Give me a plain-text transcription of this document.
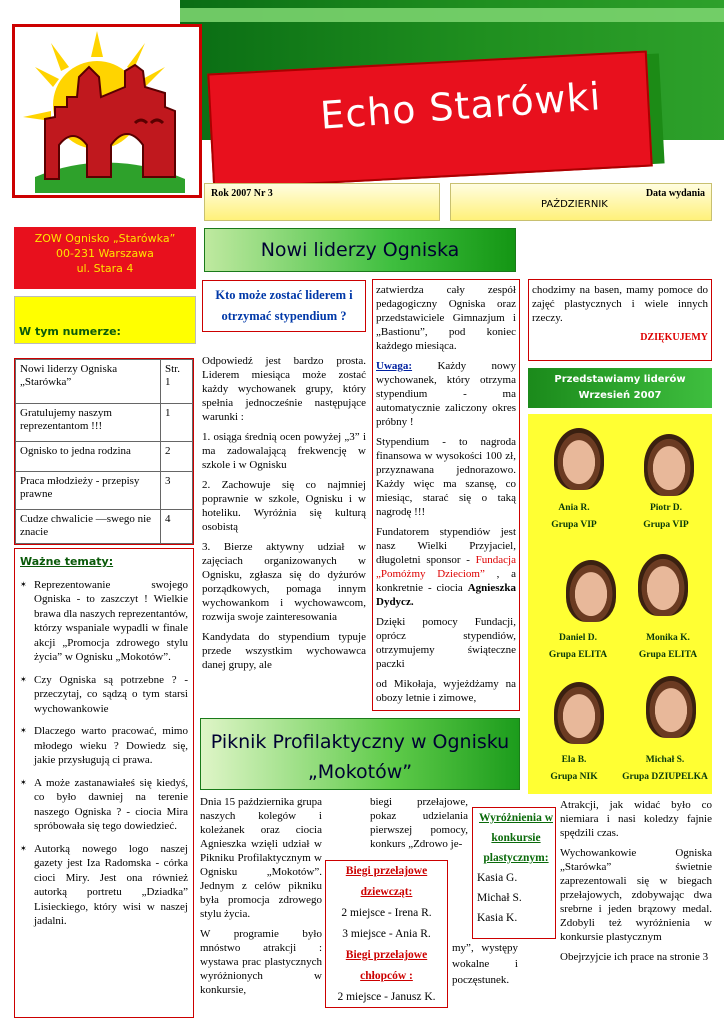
Echo Starówki
Rok 2007 Nr 3	Data wydania
PAŹDZIERNIK
ZOW Ognisko „Starówka”
00-231 Warszawa
ul. Stara 4
W tym numerze:
Nowi liderzy Ogniska „Starówka”	Str. 1
Gratulujemy naszym reprezentantom !!!	1
Ognisko to jedna rodzina	2
Praca młodzieży - przepisy prawne	3
Cudze chwalicie —swego nie znacie	4
Ważne tematy:
✶ Reprezentowanie swojego Ogniska - to zaszczyt ! Wielkie brawa dla naszych reprezentantów, którzy wspaniale wypadli w finale akcji „Promocja zdrowego stylu życia” w Ognisku „Mokotów”.
✶ Czy Ogniska są potrzebne ? - przeczytaj, co sądzą o tym starsi wychowankowie
✶ Dlaczego warto pracować, mimo młodego wieku ? Dowiedz się, jakie przysługują ci prawa.
✶ A może zastanawiałeś się kiedyś, co było dawniej na terenie naszego Ogniska ? - ciocia Mira spróbowała się tego dowiedzieć.
✶ Autorką nowego logo naszej gazety jest Iza Radomska - córka cioci Miry. Jest ona również autorką portretu „Dziadka” Lisieckiego, który wisi w naszej jadalni.
Nowi liderzy Ogniska
Kto może zostać liderem i otrzymać stypendium ?

Odpowiedź jest bardzo prosta. Liderem miesiąca może zostać każdy wychowanek grupy, który spełnia jednocześnie następujące warunki :

1. osiąga średnią ocen powyżej „3” i ma zadowalającą frekwencję w szkole i w Ognisku

2. Zachowuje się co najmniej poprawnie w szkole, Ognisku i w hoteliku. Wyróżnia się kulturą osobistą

3. Bierze aktywny udział w zajęciach organizowanych w Ognisku, zgłasza się do dyżurów porządkowych, pomaga innym wychowankom i wychowawcom, rozwija swoje zainteresowania

Kandydata do stypendium typuje przede wszystkim wychowawca danej grupy, ale

zatwierdza cały zespół pedagogiczny Ogniska oraz przedstawiciele Gimnazjum i „Bastionu”, pod koniec każdego miesiąca.

Uwaga: Każdy nowy wychowanek, który otrzyma stypendium - ma automatycznie zaliczony okres próbny !

Stypendium - to nagroda finansowa w wysokości 100 zł, przyznawana jednorazowo. Każdy więc ma szansę, co miesiąc, starać się o taką nagrodę !!!

Fundatorem stypendiów jest nasz Wielki Przyjaciel, długoletni sponsor - Fundacja „Pomóżmy Dzieciom” , a konkretnie - ciocia Agnieszka Dydycz.

Dzięki pomocy Fundacji, oprócz stypendiów, otrzymujemy świąteczne paczki

od Mikołaja, wyjeżdżamy na obozy letnie i zimowe,

chodzimy na basen, mamy pomoce do zajęć plastycznych i wiele innych rzeczy.

DZIĘKUJEMY

Przedstawiamy liderów
Wrzesień 2007
Ania R.
Grupa VIP
Piotr D.
Grupa VIP
Daniel D.
Grupa ELITA
Monika K.
Grupa ELITA
Ela B.
Grupa NIK
Michał S.
Grupa DZIUPELKA
Piknik Profilaktyczny w Ognisku „Mokotów”

Dnia 15 października grupa naszych kolegów i koleżanek oraz ciocia Agnieszka wzięli udział w Pikniku Profilaktycznym w Ognisku „Mokotów”. Jednym z celów pikniku była promocja zdrowego stylu życia.

W programie było mnóstwo atrakcji : wystawa prac plastycznych wyróżnionych w konkursie,

biegi przełajowe, pokaz udzielania pierwszej pomocy, konkurs „Zdrowo je-
my”, występy wokalne i poczęstunek.
Biegi przełajowe dziewcząt:
2 miejsce - Irena R.
3 miejsce - Ania R.
Biegi przełajowe chłopców :
2 miejsce - Janusz K.
Wyróżnienia w konkursie plastycznym:
Kasia G.
Michał S.
Kasia K.

Atrakcji, jak widać było co niemiara i nasi koledzy fajnie spędzili czas.

Wychowankowie Ogniska „Starówka” świetnie zaprezentowali się w biegach przełajowych, zdobywając dwa srebrne i jeden brązowy medal. Zdobyli też wyróżnienia w konkursie plastycznym

Obejrzyjcie ich prace na stronie 3
